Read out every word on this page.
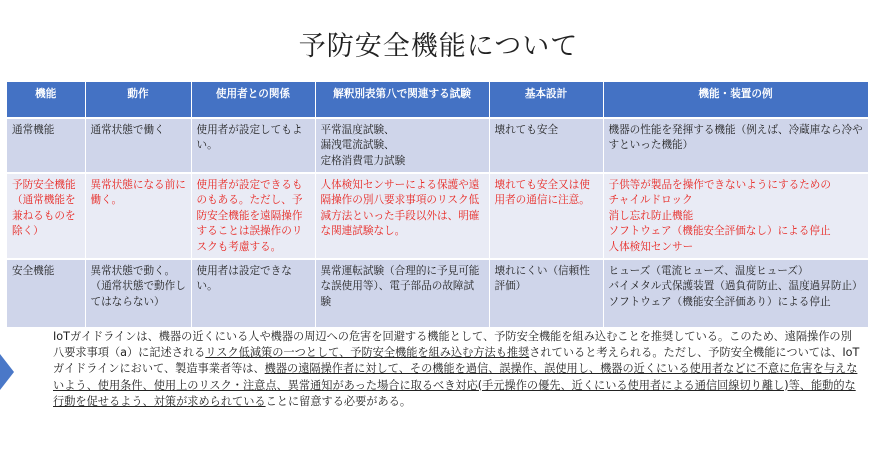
予防安全機能について
機能	動作	使用者との関係	解釈別表第八で関連する試験	基本設計	機能・装置の例
通常機能	通常状態で働く	使用者が設定してもよい。	平常温度試験、
漏洩電流試験、
定格消費電力試験	壊れても安全	機器の性能を発揮する機能（例えば、冷蔵庫なら冷やすといった機能）
予防安全機能
（通常機能を兼ねるものを除く）	異常状態になる前に働く。	使用者が設定できるものもある。ただし、予防安全機能を遠隔操作することは誤操作のリスクも考慮する。	人体検知センサーによる保護や遠隔操作の別八要求事項のリスク低減方法といった手段以外は、明確な関連試験なし。	壊れても安全又は使用者の通信に注意。	子供等が製品を操作できないようにするための
チャイルドロック
消し忘れ防止機能
ソフトウェア（機能安全評価なし）による停止
人体検知センサー
安全機能	異常状態で動く。
（通常状態で動作してはならない）	使用者は設定できない。	異常運転試験（合理的に予見可能な誤使用等）、電子部品の故障試験	壊れにくい（信頼性評価）	ヒューズ（電流ヒューズ、温度ヒューズ）
バイメタル式保護装置（過負荷防止、温度過昇防止）
ソフトウェア（機能安全評価あり）による停止
IoTガイドラインは、機器の近くにいる人や機器の周辺への危害を回避する機能として、予防安全機能を組み込むことを推奨している。このため、遠隔操作の別八要求事項（a）に記述されるリスク低減策の一つとして、予防安全機能を組み込む方法も推奨されていると考えられる。ただし、予防安全機能については、IoTガイドラインにおいて、製造事業者等は、機器の遠隔操作者に対して、その機能を過信、誤操作、誤使用し、機器の近くにいる使用者などに不意に危害を与えないよう、使用条件、使用上のリスク・注意点、異常通知があった場合に取るべき対応(手元操作の優先、近くにいる使用者による通信回線切り離し)等、能動的な行動を促せるよう、対策が求められていることに留意する必要がある。
